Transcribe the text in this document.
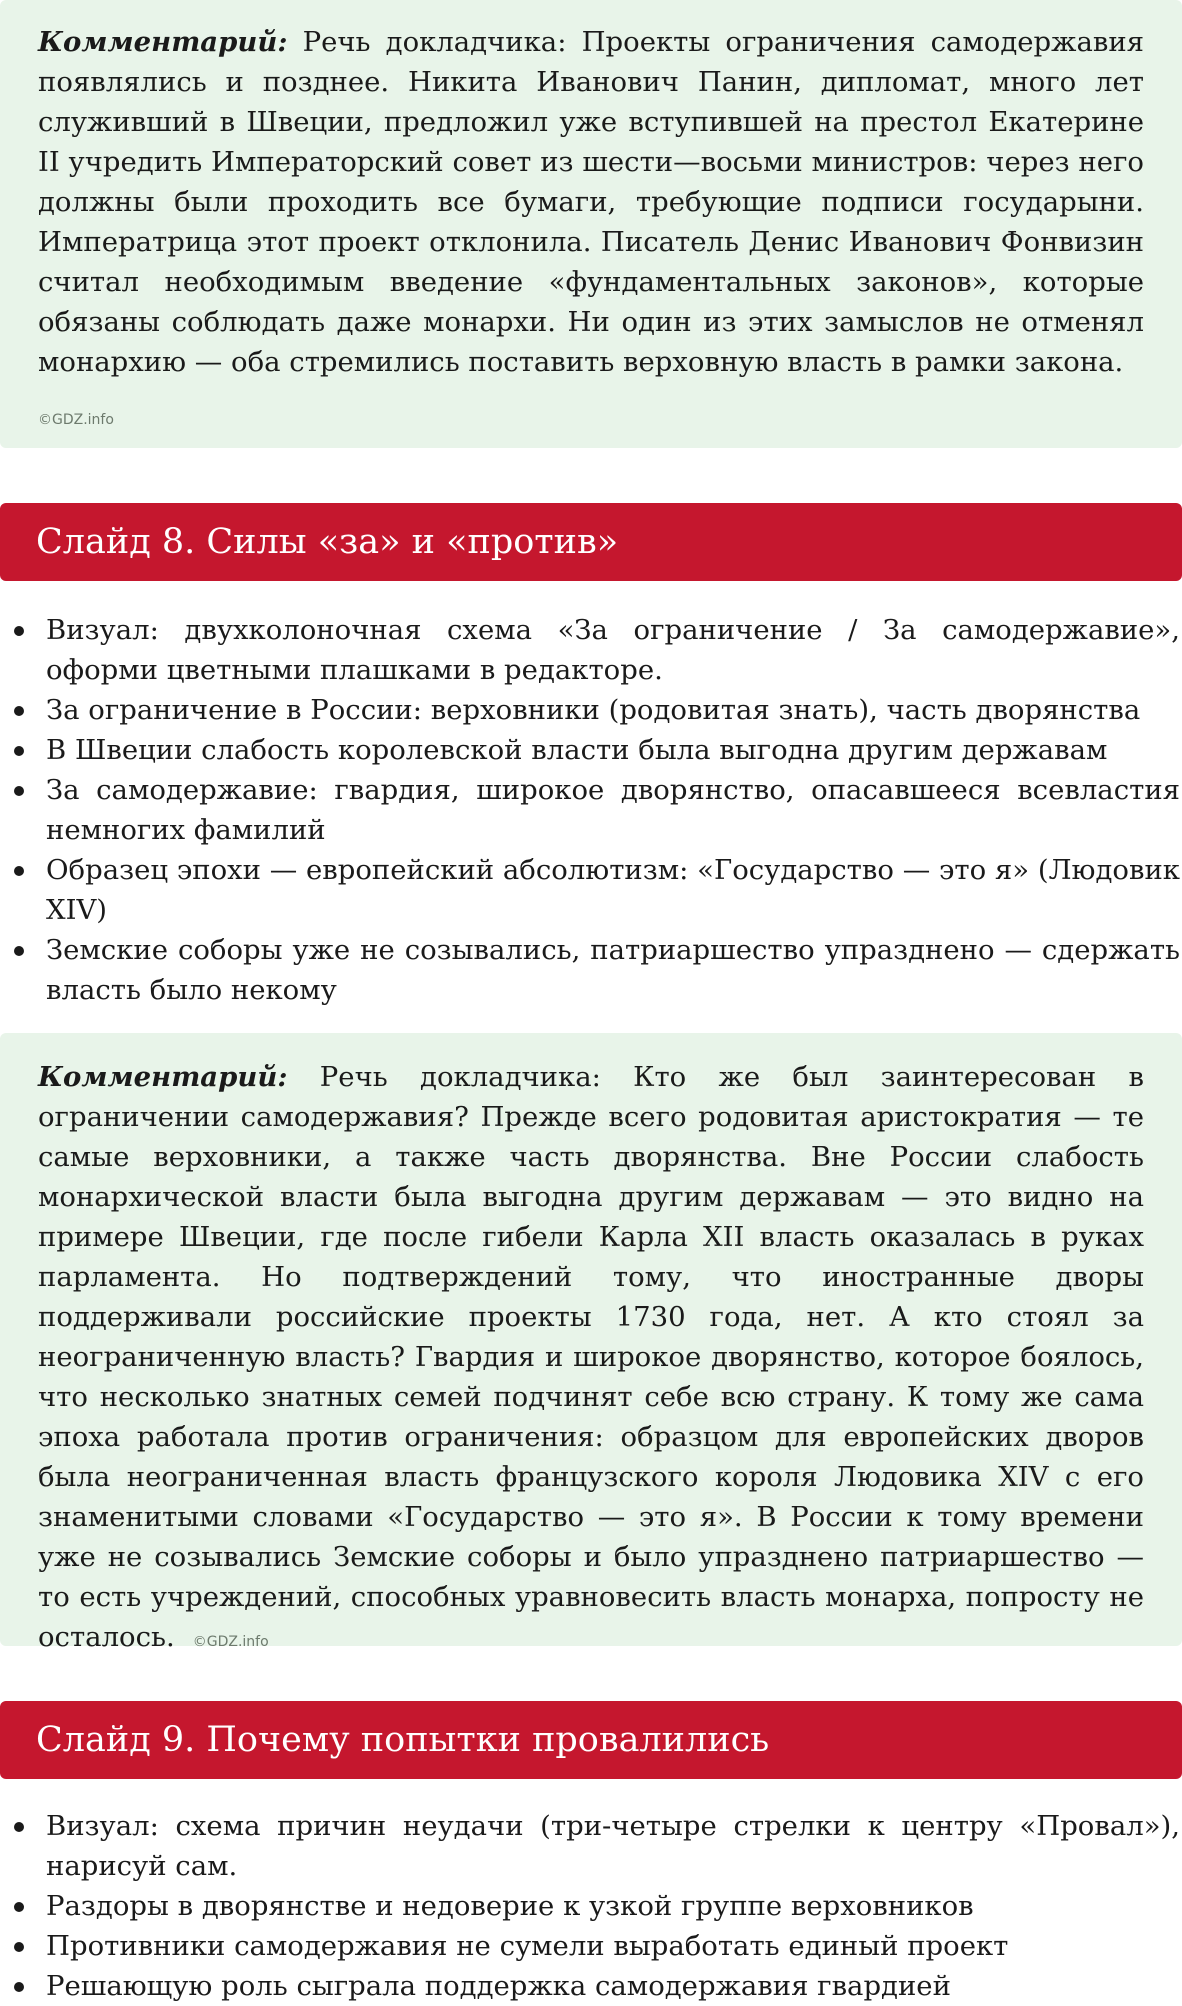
Комментарий: Речь докладчика: Проекты ограничения самодержавия появлялись и позднее. Никита Иванович Панин, дипломат, много лет служивший в Швеции, предложил уже вступившей на престол Екатерине II учредить Императорский совет из шести—восьми министров: через него должны были проходить все бумаги, требующие подписи государыни. Императрица этот проект отклонила. Писатель Денис Иванович Фонвизин считал необходимым введение «фундаментальных законов», которые обязаны соблюдать даже монархи. Ни один из этих замыслов не отменял монархию — оба стремились поставить верховную власть в рамки закона.

©GDZ.info
Слайд 8. Силы «за» и «против»
Визуал: двухколоночная схема «За ограничение / За самодержавие», оформи цветными плашками в редакторе.
За ограничение в России: верховники (родовитая знать), часть дворянства
В Швеции слабость королевской власти была выгодна другим державам
За самодержавие: гвардия, широкое дворянство, опасавшееся всевластия немногих фамилий
Образец эпохи — европейский абсолютизм: «Государство — это я» (Людовик XIV)
Земские соборы уже не созывались, патриаршество упразднено — сдержать власть было некому

Комментарий: Речь докладчика: Кто же был заинтересован в ограничении самодержавия? Прежде всего родовитая аристократия — те самые верховники, а также часть дворянства. Вне России слабость монархической власти была выгодна другим державам — это видно на примере Швеции, где после гибели Карла XII власть оказалась в руках парламента. Но подтверждений тому, что иностранные дворы поддерживали российские проекты 1730 года, нет. А кто стоял за неограниченную власть? Гвардия и широкое дворянство, которое боялось, что несколько знатных семей подчинят себе всю страну. К тому же сама эпоха работала против ограничения: образцом для европейских дворов была неограниченная власть французского короля Людовика XIV с его знаменитыми словами «Государство — это я». В России к тому времени уже не созывались Земские соборы и было упразднено патриаршество — то есть учреждений, способных уравновесить власть монарха, попросту не осталось. ©GDZ.info

Слайд 9. Почему попытки провалились
Визуал: схема причин неудачи (три-четыре стрелки к центру «Провал»), нарисуй сам.
Раздоры в дворянстве и недоверие к узкой группе верховников
Противники самодержавия не сумели выработать единый проект
Решающую роль сыграла поддержка самодержавия гвардией
